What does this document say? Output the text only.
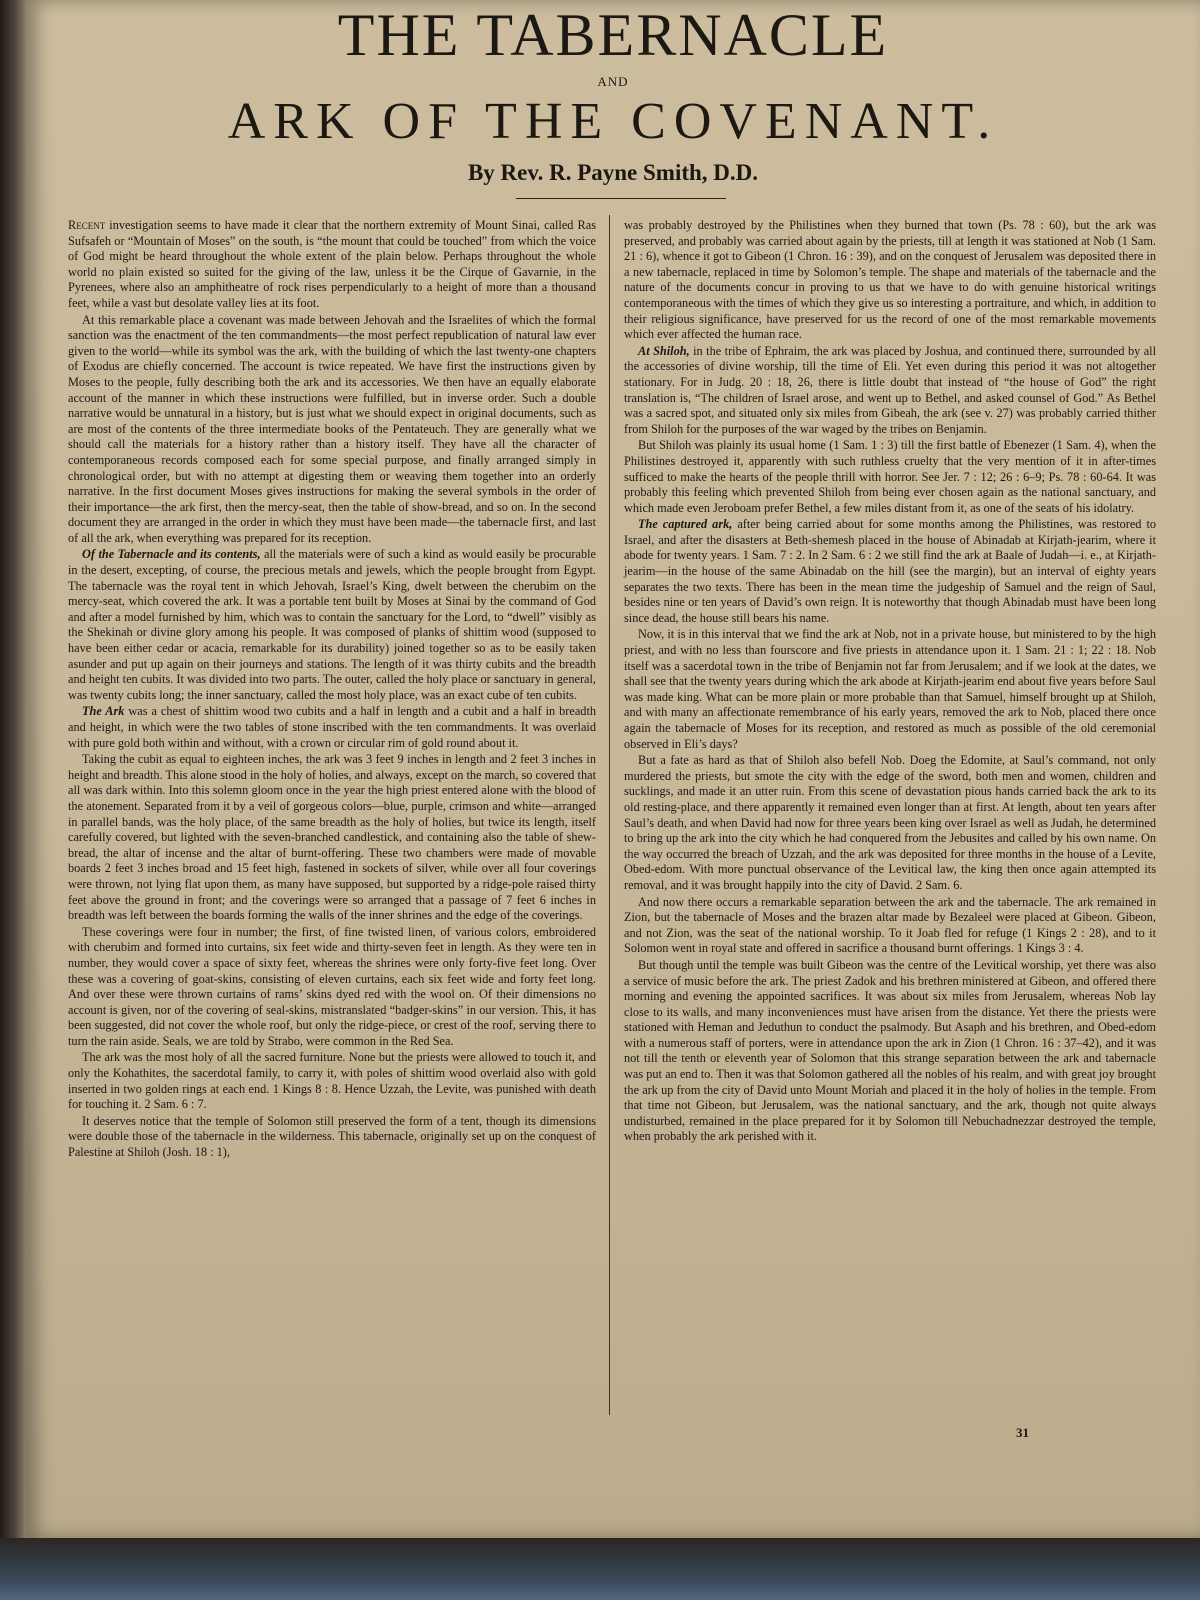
THE TABERNACLE
AND
ARK OF THE COVENANT.
By Rev. R. Payne Smith, D.D.

Recent investigation seems to have made it clear that the northern extremity of Mount Sinai, called Ras Sufsafeh or “Mountain of Moses” on the south, is “the mount that could be touched” from which the voice of God might be heard throughout the whole extent of the plain below. Perhaps throughout the whole world no plain existed so suited for the giving of the law, unless it be the Cirque of Gavarnie, in the Pyrenees, where also an amphitheatre of rock rises perpendicularly to a height of more than a thousand feet, while a vast but desolate valley lies at its foot.

At this remarkable place a covenant was made between Jehovah and the Israelites of which the formal sanction was the enactment of the ten commandments—the most perfect republication of natural law ever given to the world—while its symbol was the ark, with the building of which the last twenty-one chapters of Exodus are chiefly concerned. The account is twice repeated. We have first the instructions given by Moses to the people, fully describing both the ark and its accessories. We then have an equally elaborate account of the manner in which these instructions were fulfilled, but in inverse order. Such a double narrative would be unnatural in a history, but is just what we should expect in original documents, such as are most of the contents of the three intermediate books of the Pentateuch. They are generally what we should call the materials for a history rather than a history itself. They have all the character of contemporaneous records composed each for some special purpose, and finally arranged simply in chronological order, but with no attempt at digesting them or weaving them together into an orderly narrative. In the first document Moses gives instructions for making the several symbols in the order of their importance—the ark first, then the mercy-seat, then the table of show-bread, and so on. In the second document they are arranged in the order in which they must have been made—the tabernacle first, and last of all the ark, when everything was prepared for its reception.

Of the Tabernacle and its contents, all the materials were of such a kind as would easily be procurable in the desert, excepting, of course, the precious metals and jewels, which the people brought from Egypt. The tabernacle was the royal tent in which Jehovah, Israel’s King, dwelt between the cherubim on the mercy-seat, which covered the ark. It was a portable tent built by Moses at Sinai by the command of God and after a model furnished by him, which was to contain the sanctuary for the Lord, to “dwell” visibly as the Shekinah or divine glory among his people. It was composed of planks of shittim wood (supposed to have been either cedar or acacia, remarkable for its durability) joined together so as to be easily taken asunder and put up again on their journeys and stations. The length of it was thirty cubits and the breadth and height ten cubits. It was divided into two parts. The outer, called the holy place or sanctuary in general, was twenty cubits long; the inner sanctuary, called the most holy place, was an exact cube of ten cubits.

The Ark was a chest of shittim wood two cubits and a half in length and a cubit and a half in breadth and height, in which were the two tables of stone inscribed with the ten commandments. It was overlaid with pure gold both within and without, with a crown or circular rim of gold round about it.

Taking the cubit as equal to eighteen inches, the ark was 3 feet 9 inches in length and 2 feet 3 inches in height and breadth. This alone stood in the holy of holies, and always, except on the march, so covered that all was dark within. Into this solemn gloom once in the year the high priest entered alone with the blood of the atonement. Separated from it by a veil of gorgeous colors—blue, purple, crimson and white—arranged in parallel bands, was the holy place, of the same breadth as the holy of holies, but twice its length, itself carefully covered, but lighted with the seven-branched candlestick, and containing also the table of shew-bread, the altar of incense and the altar of burnt-offering. These two chambers were made of movable boards 2 feet 3 inches broad and 15 feet high, fastened in sockets of silver, while over all four coverings were thrown, not lying flat upon them, as many have supposed, but supported by a ridge-pole raised thirty feet above the ground in front; and the coverings were so arranged that a passage of 7 feet 6 inches in breadth was left between the boards forming the walls of the inner shrines and the edge of the coverings.

These coverings were four in number; the first, of fine twisted linen, of various colors, embroidered with cherubim and formed into curtains, six feet wide and thirty-seven feet in length. As they were ten in number, they would cover a space of sixty feet, whereas the shrines were only forty-five feet long. Over these was a covering of goat-skins, consisting of eleven curtains, each six feet wide and forty feet long. And over these were thrown curtains of rams’ skins dyed red with the wool on. Of their dimensions no account is given, nor of the covering of seal-skins, mistranslated “badger-skins” in our version. This, it has been suggested, did not cover the whole roof, but only the ridge-piece, or crest of the roof, serving there to turn the rain aside. Seals, we are told by Strabo, were common in the Red Sea.

The ark was the most holy of all the sacred furniture. None but the priests were allowed to touch it, and only the Kohathites, the sacerdotal family, to carry it, with poles of shittim wood overlaid also with gold inserted in two golden rings at each end. 1 Kings 8 : 8. Hence Uzzah, the Levite, was punished with death for touching it. 2 Sam. 6 : 7.

It deserves notice that the temple of Solomon still preserved the form of a tent, though its dimensions were double those of the tabernacle in the wilderness. This tabernacle, originally set up on the conquest of Palestine at Shiloh (Josh. 18 : 1),

was probably destroyed by the Philistines when they burned that town (Ps. 78 : 60), but the ark was preserved, and probably was carried about again by the priests, till at length it was stationed at Nob (1 Sam. 21 : 6), whence it got to Gibeon (1 Chron. 16 : 39), and on the conquest of Jerusalem was deposited there in a new tabernacle, replaced in time by Solomon’s temple. The shape and materials of the tabernacle and the nature of the documents concur in proving to us that we have to do with genuine historical writings contemporaneous with the times of which they give us so interesting a portraiture, and which, in addition to their religious significance, have preserved for us the record of one of the most remarkable movements which ever affected the human race.

At Shiloh, in the tribe of Ephraim, the ark was placed by Joshua, and continued there, surrounded by all the accessories of divine worship, till the time of Eli. Yet even during this period it was not altogether stationary. For in Judg. 20 : 18, 26, there is little doubt that instead of “the house of God” the right translation is, “The children of Israel arose, and went up to Bethel, and asked counsel of God.” As Bethel was a sacred spot, and situated only six miles from Gibeah, the ark (see v. 27) was probably carried thither from Shiloh for the purposes of the war waged by the tribes on Benjamin.

But Shiloh was plainly its usual home (1 Sam. 1 : 3) till the first battle of Ebenezer (1 Sam. 4), when the Philistines destroyed it, apparently with such ruthless cruelty that the very mention of it in after-times sufficed to make the hearts of the people thrill with horror. See Jer. 7 : 12; 26 : 6–9; Ps. 78 : 60-64. It was probably this feeling which prevented Shiloh from being ever chosen again as the national sanctuary, and which made even Jeroboam prefer Bethel, a few miles distant from it, as one of the seats of his idolatry.

The captured ark, after being carried about for some months among the Philistines, was restored to Israel, and after the disasters at Beth-shemesh placed in the house of Abinadab at Kirjath-jearim, where it abode for twenty years. 1 Sam. 7 : 2. In 2 Sam. 6 : 2 we still find the ark at Baale of Judah—i. e., at Kirjath-jearim—in the house of the same Abinadab on the hill (see the margin), but an interval of eighty years separates the two texts. There has been in the mean time the judgeship of Samuel and the reign of Saul, besides nine or ten years of David’s own reign. It is noteworthy that though Abinadab must have been long since dead, the house still bears his name.

Now, it is in this interval that we find the ark at Nob, not in a private house, but ministered to by the high priest, and with no less than fourscore and five priests in attendance upon it. 1 Sam. 21 : 1; 22 : 18. Nob itself was a sacerdotal town in the tribe of Benjamin not far from Jerusalem; and if we look at the dates, we shall see that the twenty years during which the ark abode at Kirjath-jearim end about five years before Saul was made king. What can be more plain or more probable than that Samuel, himself brought up at Shiloh, and with many an affectionate remembrance of his early years, removed the ark to Nob, placed there once again the tabernacle of Moses for its reception, and restored as much as possible of the old ceremonial observed in Eli’s days?

But a fate as hard as that of Shiloh also befell Nob. Doeg the Edomite, at Saul’s command, not only murdered the priests, but smote the city with the edge of the sword, both men and women, children and sucklings, and made it an utter ruin. From this scene of devastation pious hands carried back the ark to its old resting-place, and there apparently it remained even longer than at first. At length, about ten years after Saul’s death, and when David had now for three years been king over Israel as well as Judah, he determined to bring up the ark into the city which he had conquered from the Jebusites and called by his own name. On the way occurred the breach of Uzzah, and the ark was deposited for three months in the house of a Levite, Obed-edom. With more punctual observance of the Levitical law, the king then once again attempted its removal, and it was brought happily into the city of David. 2 Sam. 6.

And now there occurs a remarkable separation between the ark and the tabernacle. The ark remained in Zion, but the tabernacle of Moses and the brazen altar made by Bezaleel were placed at Gibeon. Gibeon, and not Zion, was the seat of the national worship. To it Joab fled for refuge (1 Kings 2 : 28), and to it Solomon went in royal state and offered in sacrifice a thousand burnt offerings. 1 Kings 3 : 4.

But though until the temple was built Gibeon was the centre of the Levitical worship, yet there was also a service of music before the ark. The priest Zadok and his brethren ministered at Gibeon, and offered there morning and evening the appointed sacrifices. It was about six miles from Jerusalem, whereas Nob lay close to its walls, and many inconveniences must have arisen from the distance. Yet there the priests were stationed with Heman and Jeduthun to conduct the psalmody. But Asaph and his brethren, and Obed-edom with a numerous staff of porters, were in attendance upon the ark in Zion (1 Chron. 16 : 37–42), and it was not till the tenth or eleventh year of Solomon that this strange separation between the ark and tabernacle was put an end to. Then it was that Solomon gathered all the nobles of his realm, and with great joy brought the ark up from the city of David unto Mount Moriah and placed it in the holy of holies in the temple. From that time not Gibeon, but Jerusalem, was the national sanctuary, and the ark, though not quite always undisturbed, remained in the place prepared for it by Solomon till Nebuchadnezzar destroyed the temple, when probably the ark perished with it.

31
